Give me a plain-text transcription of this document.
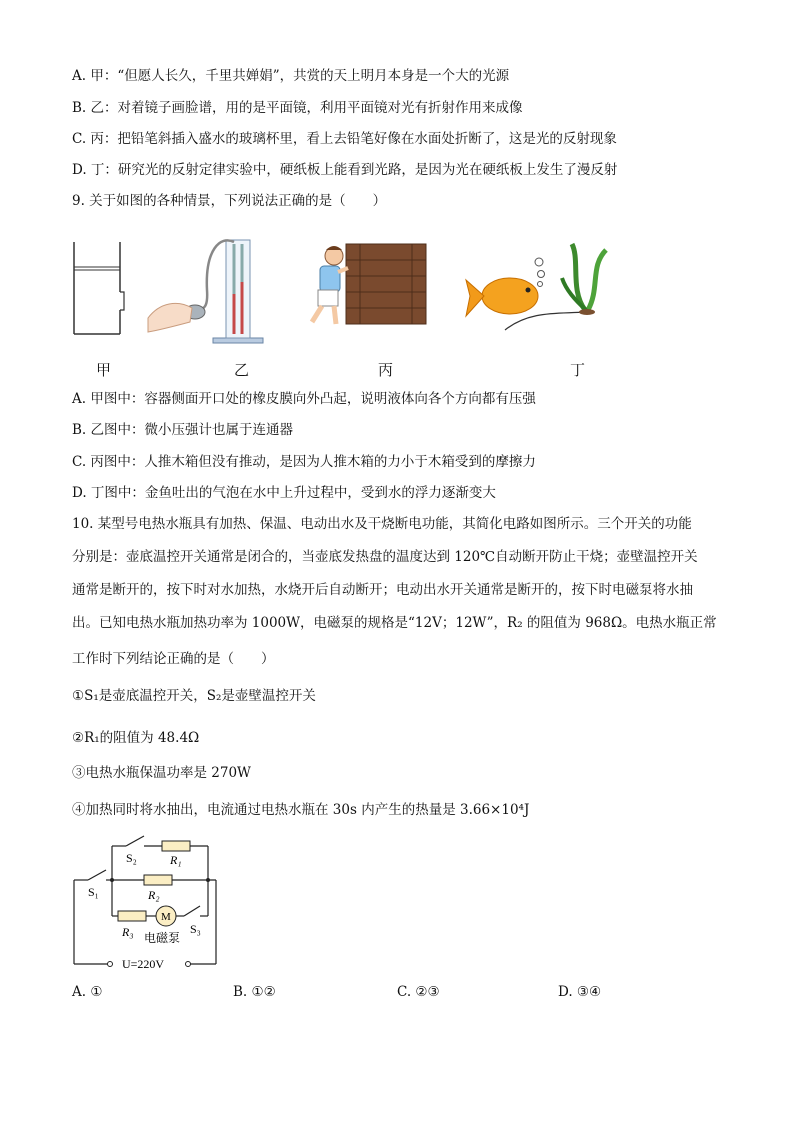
A. 甲：“但愿人长久，千里共婵娟”，共赏的天上明月本身是一个大的光源
B. 乙：对着镜子画脸谱，用的是平面镜，利用平面镜对光有折射作用来成像
C. 丙：把铅笔斜插入盛水的玻璃杯里，看上去铅笔好像在水面处折断了，这是光的反射现象
D. 丁：研究光的反射定律实验中，硬纸板上能看到光路，是因为光在硬纸板上发生了漫反射
9. 关于如图的各种情景，下列说法正确的是（　　）
甲	乙	丙	丁
A. 甲图中：容器侧面开口处的橡皮膜向外凸起，说明液体向各个方向都有压强
B. 乙图中：微小压强计也属于连通器
C. 丙图中：人推木箱但没有推动，是因为人推木箱的力小于木箱受到的摩擦力
D. 丁图中：金鱼吐出的气泡在水中上升过程中，受到水的浮力逐渐变大
10. 某型号电热水瓶具有加热、保温、电动出水及干烧断电功能，其简化电路如图所示。三个开关的功能
分别是：壶底温控开关通常是闭合的，当壶底发热盘的温度达到 120℃自动断开防止干烧；壶壁温控开关
通常是断开的，按下时对水加热，水烧开后自动断开；电动出水开关通常是断开的，按下时电磁泵将水抽
出。已知电热水瓶加热功率为 1000W，电磁泵的规格是“12V；12W”，R₂ 的阻值为 968Ω。电热水瓶正常
工作时下列结论正确的是（　　）
①S₁是壶底温控开关，S₂是壶壁温控开关
②R₁的阻值为 48.4Ω
③电热水瓶保温功率是 270W
④加热同时将水抽出，电流通过电热水瓶在 30s 内产生的热量是 3.66×10⁴J
S₂	R₁
S₁	R₂
M
S₃
R₃ 电磁泵
U=220V
A. ①	B. ①②	C. ②③	D. ③④
